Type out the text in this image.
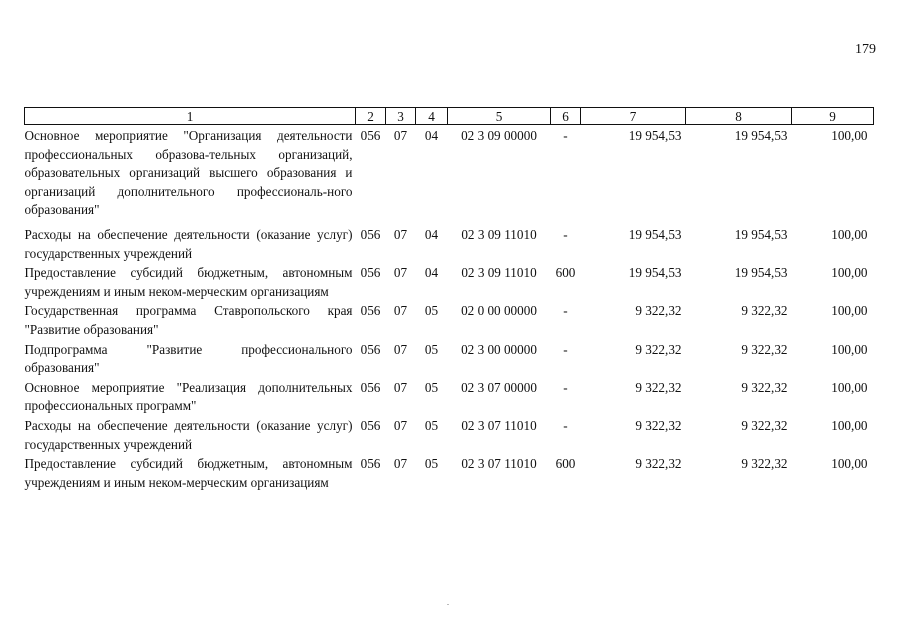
179
1	2	3	4	5	6	7	8	9
Основное мероприятие "Организация деятельности профессиональных образова-тельных организаций, образовательных организаций высшего образования и организаций дополнительного профессиональ-ного образования"	056	07	04	02 3 09 00000	-	19 954,53	19 954,53	100,00
Расходы на обеспечение деятельности (оказание услуг) государственных учреждений	056	07	04	02 3 09 11010	-	19 954,53	19 954,53	100,00
Предоставление субсидий бюджетным, автономным учреждениям и иным неком-мерческим организациям	056	07	04	02 3 09 11010	600	19 954,53	19 954,53	100,00
Государственная программа Ставропольского края "Развитие образования"	056	07	05	02 0 00 00000	-	9 322,32	9 322,32	100,00
Подпрограмма "Развитие профессионального образования"	056	07	05	02 3 00 00000	-	9 322,32	9 322,32	100,00
Основное мероприятие "Реализация дополнительных профессиональных программ"	056	07	05	02 3 07 00000	-	9 322,32	9 322,32	100,00
Расходы на обеспечение деятельности (оказание услуг) государственных учреждений	056	07	05	02 3 07 11010	-	9 322,32	9 322,32	100,00
Предоставление субсидий бюджетным, автономным учреждениям и иным неком-мерческим организациям	056	07	05	02 3 07 11010	600	9 322,32	9 322,32	100,00
